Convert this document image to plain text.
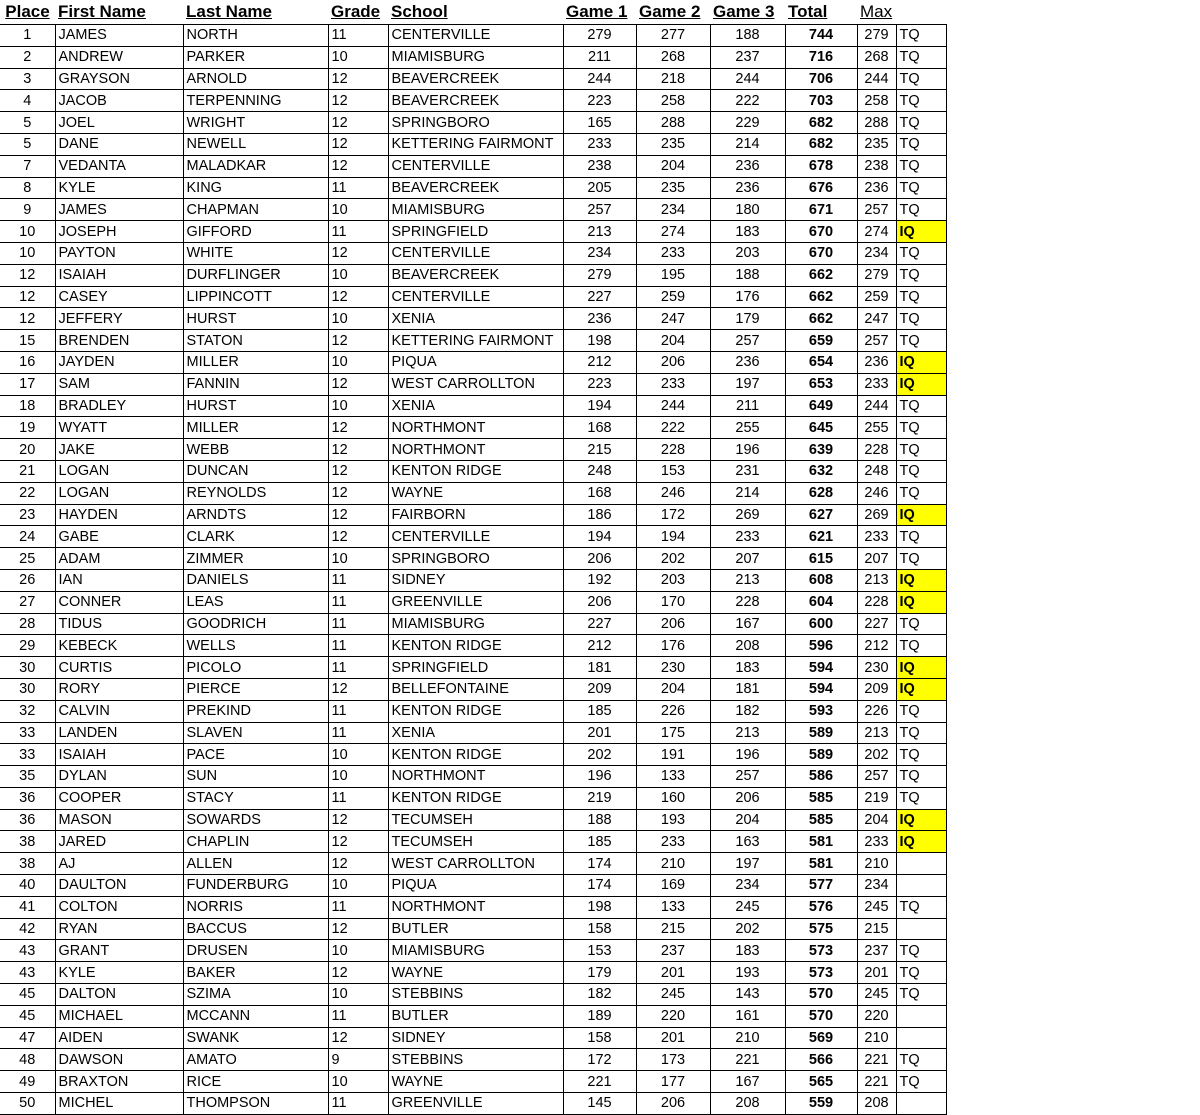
Place	First Name	Last Name	Grade	School	Game 1	Game 2	Game 3	Total	Max	
1	JAMES	NORTH	11	CENTERVILLE	279	277	188	744	279	TQ
2	ANDREW	PARKER	10	MIAMISBURG	211	268	237	716	268	TQ
3	GRAYSON	ARNOLD	12	BEAVERCREEK	244	218	244	706	244	TQ
4	JACOB	TERPENNING	12	BEAVERCREEK	223	258	222	703	258	TQ
5	JOEL	WRIGHT	12	SPRINGBORO	165	288	229	682	288	TQ
5	DANE	NEWELL	12	KETTERING FAIRMONT	233	235	214	682	235	TQ
7	VEDANTA	MALADKAR	12	CENTERVILLE	238	204	236	678	238	TQ
8	KYLE	KING	11	BEAVERCREEK	205	235	236	676	236	TQ
9	JAMES	CHAPMAN	10	MIAMISBURG	257	234	180	671	257	TQ
10	JOSEPH	GIFFORD	11	SPRINGFIELD	213	274	183	670	274	IQ
10	PAYTON	WHITE	12	CENTERVILLE	234	233	203	670	234	TQ
12	ISAIAH	DURFLINGER	10	BEAVERCREEK	279	195	188	662	279	TQ
12	CASEY	LIPPINCOTT	12	CENTERVILLE	227	259	176	662	259	TQ
12	JEFFERY	HURST	10	XENIA	236	247	179	662	247	TQ
15	BRENDEN	STATON	12	KETTERING FAIRMONT	198	204	257	659	257	TQ
16	JAYDEN	MILLER	10	PIQUA	212	206	236	654	236	IQ
17	SAM	FANNIN	12	WEST CARROLLTON	223	233	197	653	233	IQ
18	BRADLEY	HURST	10	XENIA	194	244	211	649	244	TQ
19	WYATT	MILLER	12	NORTHMONT	168	222	255	645	255	TQ
20	JAKE	WEBB	12	NORTHMONT	215	228	196	639	228	TQ
21	LOGAN	DUNCAN	12	KENTON RIDGE	248	153	231	632	248	TQ
22	LOGAN	REYNOLDS	12	WAYNE	168	246	214	628	246	TQ
23	HAYDEN	ARNDTS	12	FAIRBORN	186	172	269	627	269	IQ
24	GABE	CLARK	12	CENTERVILLE	194	194	233	621	233	TQ
25	ADAM	ZIMMER	10	SPRINGBORO	206	202	207	615	207	TQ
26	IAN	DANIELS	11	SIDNEY	192	203	213	608	213	IQ
27	CONNER	LEAS	11	GREENVILLE	206	170	228	604	228	IQ
28	TIDUS	GOODRICH	11	MIAMISBURG	227	206	167	600	227	TQ
29	KEBECK	WELLS	11	KENTON RIDGE	212	176	208	596	212	TQ
30	CURTIS	PICOLO	11	SPRINGFIELD	181	230	183	594	230	IQ
30	RORY	PIERCE	12	BELLEFONTAINE	209	204	181	594	209	IQ
32	CALVIN	PREKIND	11	KENTON RIDGE	185	226	182	593	226	TQ
33	LANDEN	SLAVEN	11	XENIA	201	175	213	589	213	TQ
33	ISAIAH	PACE	10	KENTON RIDGE	202	191	196	589	202	TQ
35	DYLAN	SUN	10	NORTHMONT	196	133	257	586	257	TQ
36	COOPER	STACY	11	KENTON RIDGE	219	160	206	585	219	TQ
36	MASON	SOWARDS	12	TECUMSEH	188	193	204	585	204	IQ
38	JARED	CHAPLIN	12	TECUMSEH	185	233	163	581	233	IQ
38	AJ	ALLEN	12	WEST CARROLLTON	174	210	197	581	210	
40	DAULTON	FUNDERBURG	10	PIQUA	174	169	234	577	234	
41	COLTON	NORRIS	11	NORTHMONT	198	133	245	576	245	TQ
42	RYAN	BACCUS	12	BUTLER	158	215	202	575	215	
43	GRANT	DRUSEN	10	MIAMISBURG	153	237	183	573	237	TQ
43	KYLE	BAKER	12	WAYNE	179	201	193	573	201	TQ
45	DALTON	SZIMA	10	STEBBINS	182	245	143	570	245	TQ
45	MICHAEL	MCCANN	11	BUTLER	189	220	161	570	220	
47	AIDEN	SWANK	12	SIDNEY	158	201	210	569	210	
48	DAWSON	AMATO	9	STEBBINS	172	173	221	566	221	TQ
49	BRAXTON	RICE	10	WAYNE	221	177	167	565	221	TQ
50	MICHEL	THOMPSON	11	GREENVILLE	145	206	208	559	208	
